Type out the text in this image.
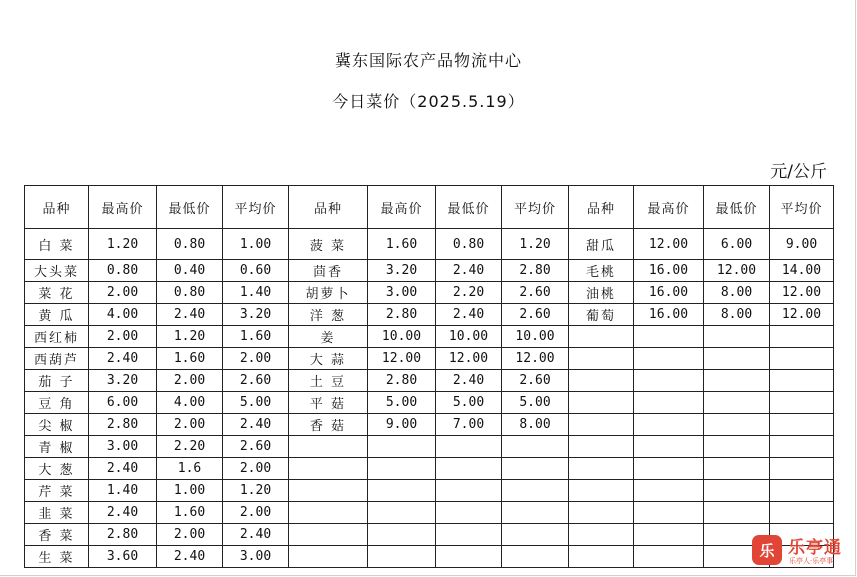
冀东国际农产品物流中心
今日菜价（2025.5.19）
元/公斤
品种	最高价	最低价	平均价	品种	最高价	最低价	平均价	品种	最高价	最低价	平均价
白 菜	1.20	0.80	1.00	菠 菜	1.60	0.80	1.20	甜瓜	12.00	6.00	9.00
大头菜	0.80	0.40	0.60	茴香	3.20	2.40	2.80	毛桃	16.00	12.00	14.00
菜 花	2.00	0.80	1.40	胡萝卜	3.00	2.20	2.60	油桃	16.00	8.00	12.00
黄 瓜	4.00	2.40	3.20	洋 葱	2.80	2.40	2.60	葡萄	16.00	8.00	12.00
西红柿	2.00	1.20	1.60	姜	10.00	10.00	10.00				
西葫芦	2.40	1.60	2.00	大 蒜	12.00	12.00	12.00				
茄 子	3.20	2.00	2.60	土 豆	2.80	2.40	2.60				
豆 角	6.00	4.00	5.00	平 菇	5.00	5.00	5.00				
尖 椒	2.80	2.00	2.40	香 菇	9.00	7.00	8.00				
青 椒	3.00	2.20	2.60								
大 葱	2.40	1.6	2.00								
芹 菜	1.40	1.00	1.20								
韭 菜	2.40	1.60	2.00								
香 菜	2.80	2.00	2.40								
生 菜	3.60	2.40	3.00									乐 乐亭通
乐亭人·乐亭事
